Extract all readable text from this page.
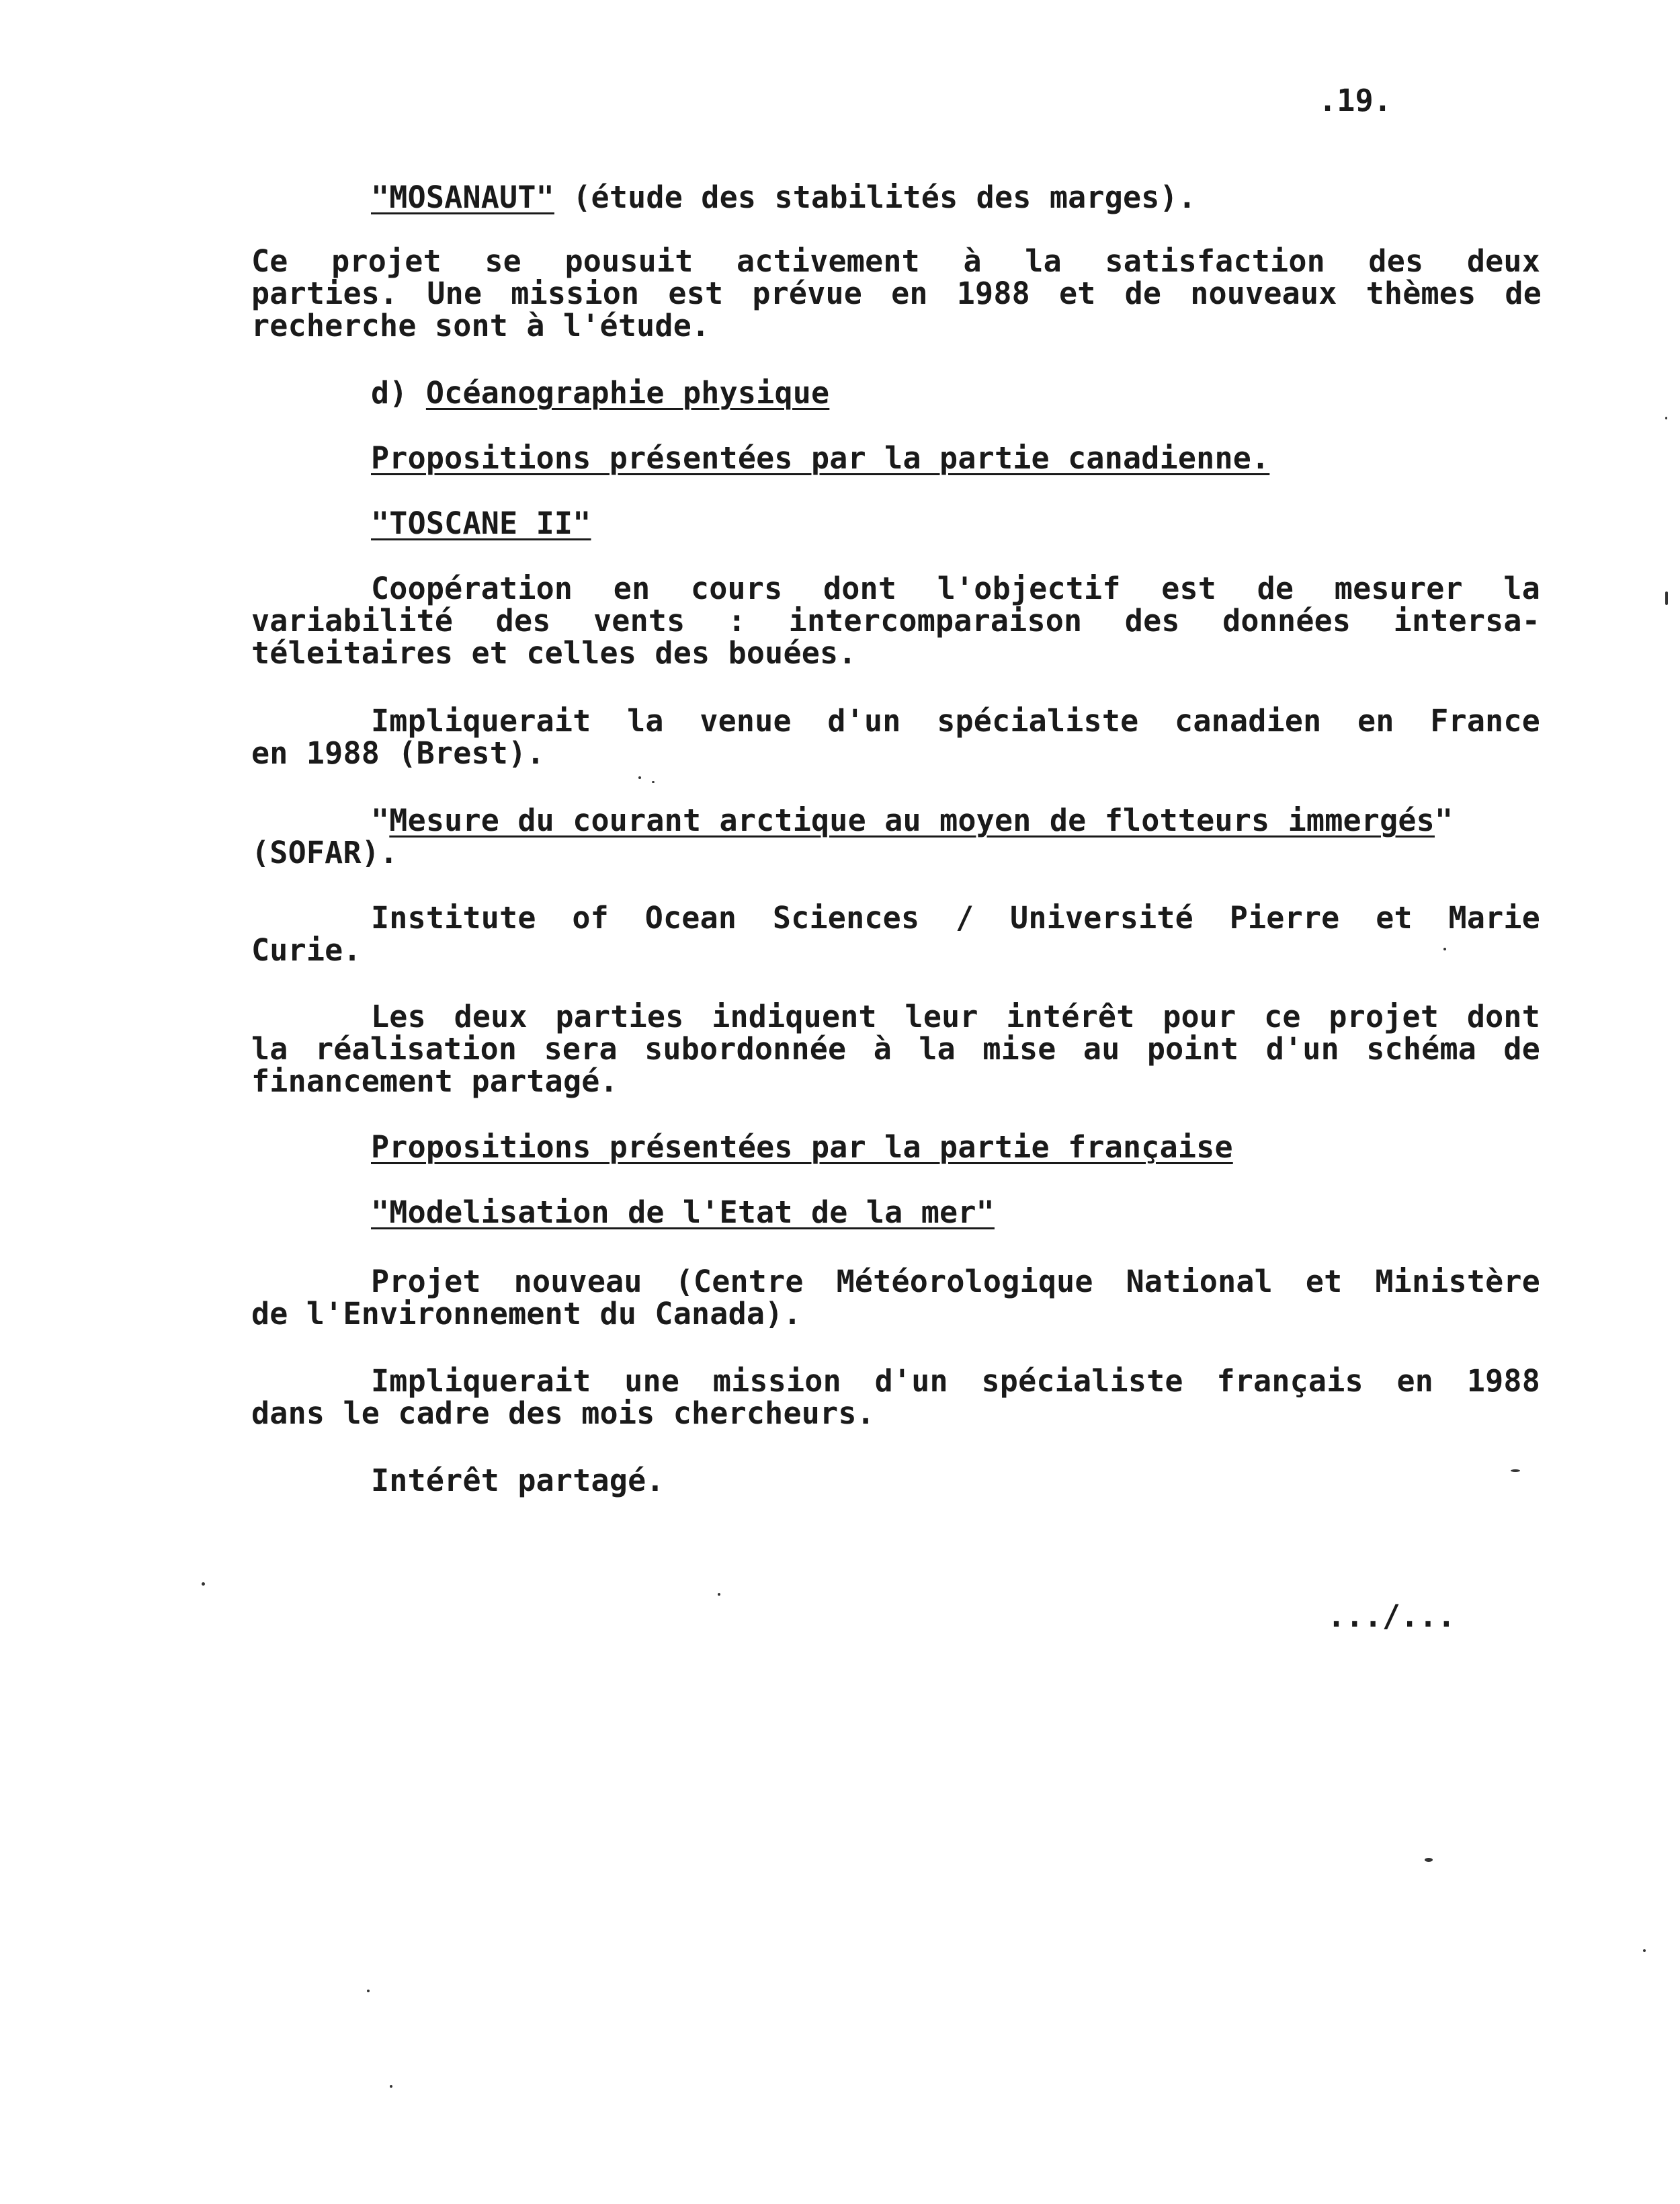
.19.
"MOSANAUT" (étude des stabilités des marges).
Ce projet se pousuit activement à la satisfaction des deux
parties. Une mission est prévue en 1988 et de nouveaux thèmes de
recherche sont à l'étude.
d) Océanographie physique
Propositions présentées par la partie canadienne.
"TOSCANE II"
Coopération en cours dont l'objectif est de mesurer la
variabilité des vents : intercomparaison des données intersa-
téleitaires et celles des bouées.
Impliquerait la venue d'un spécialiste canadien en France
en 1988 (Brest).
"Mesure du courant arctique au moyen de flotteurs immergés"
(SOFAR).
Institute of Ocean Sciences / Université Pierre et Marie
Curie.
Les deux parties indiquent leur intérêt pour ce projet dont
la réalisation sera subordonnée à la mise au point d'un schéma de
financement partagé.
Propositions présentées par la partie française
"Modelisation de l'Etat de la mer"
Projet nouveau (Centre Météorologique National et Ministère
de l'Environnement du Canada).
Impliquerait une mission d'un spécialiste français en 1988
dans le cadre des mois chercheurs.
Intérêt partagé.
.../...
